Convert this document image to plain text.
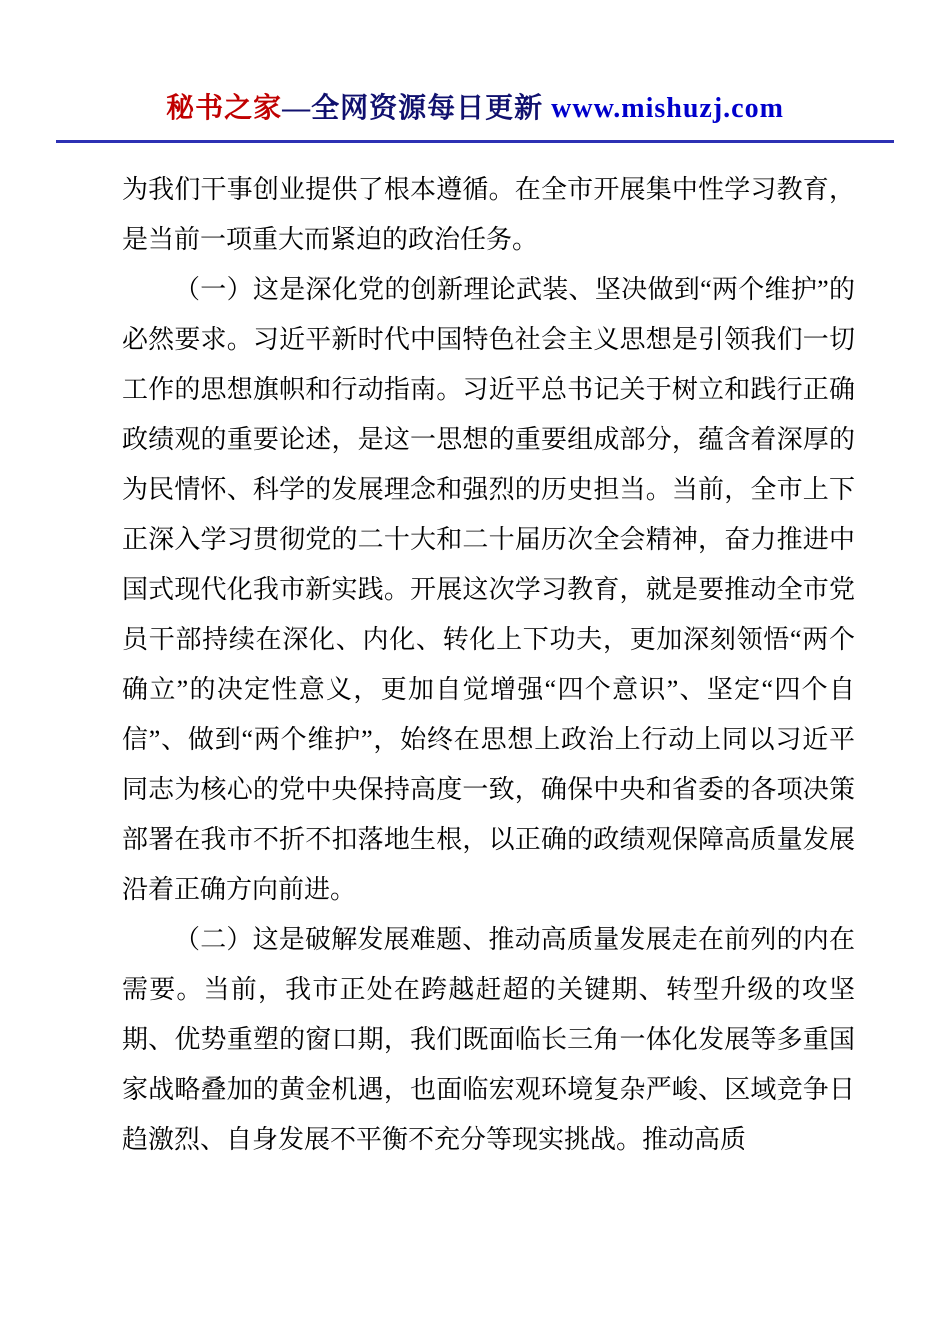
秘书之家—全网资源每日更新 www.mishuzj.com

为我们干事创业提供了根本遵循。在全市开展集中性学习教育，是当前一项重大而紧迫的政治任务。

（一）这是深化党的创新理论武装、坚决做到“两个维护”的必然要求。习近平新时代中国特色社会主义思想是引领我们一切工作的思想旗帜和行动指南。习近平总书记关于树立和践行正确政绩观的重要论述，是这一思想的重要组成部分，蕴含着深厚的为民情怀、科学的发展理念和强烈的历史担当。当前，全市上下正深入学习贯彻党的二十大和二十届历次全会精神，奋力推进中国式现代化我市新实践。开展这次学习教育，就是要推动全市党员干部持续在深化、内化、转化上下功夫，更加深刻领悟“两个确立”的决定性意义，更加自觉增强“四个意识”、坚定“四个自信”、做到“两个维护”，始终在思想上政治上行动上同以习近平同志为核心的党中央保持高度一致，确保中央和省委的各项决策部署在我市不折不扣落地生根，以正确的政绩观保障高质量发展沿着正确方向前进。

（二）这是破解发展难题、推动高质量发展走在前列的内在需要。当前，我市正处在跨越赶超的关键期、转型升级的攻坚期、优势重塑的窗口期，我们既面临长三角一体化发展等多重国家战略叠加的黄金机遇，也面临宏观环境复杂严峻、区域竞争日趋激烈、自身发展不平衡不充分等现实挑战。推动高质
